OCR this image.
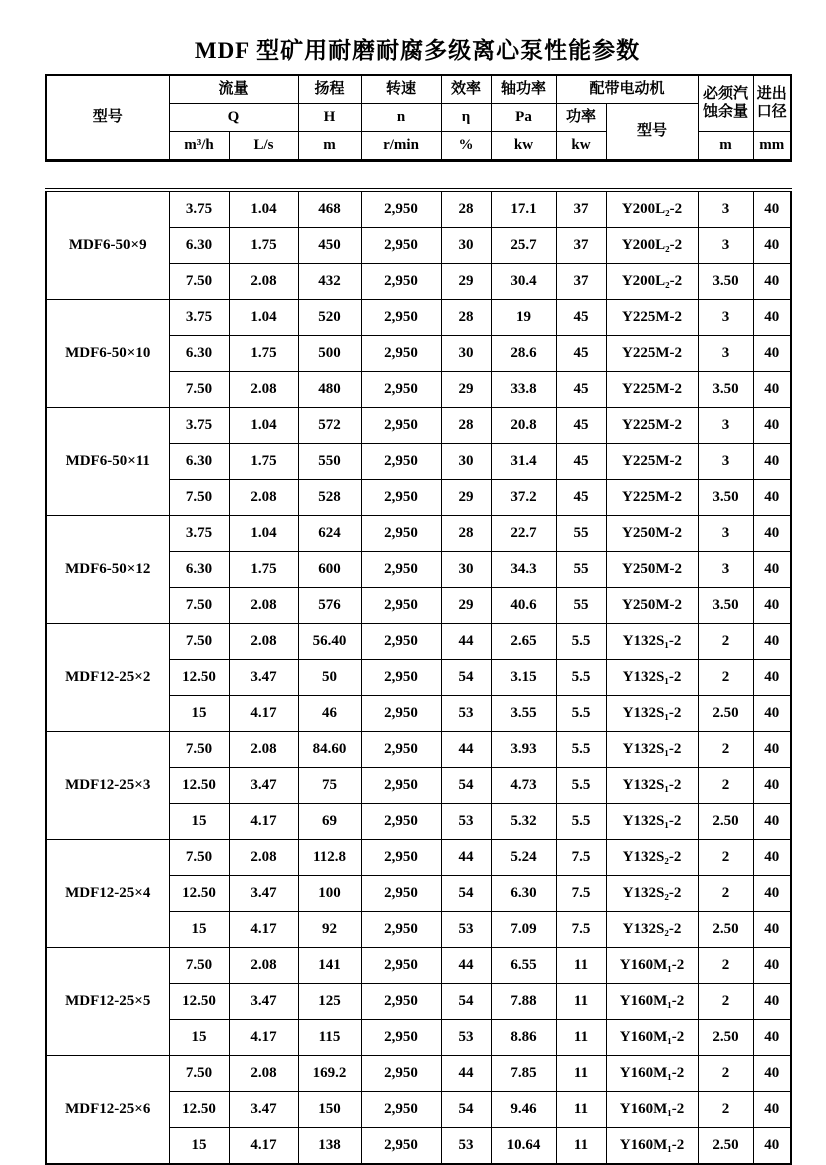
MDF 型矿用耐磨耐腐多级离心泵性能参数
型号	流量		扬程	转速	效率	轴功率	配带电动机		必须汽蚀余量	进出口径
	Q		H	n	η	Pa	功率	型号		
	m³/h	L/s	m	r/min	%	kw	kw		m	mm
MDF6-50×9	3.75	1.04	468	2,950	28	17.1	37	Y200L₂-2	3	40
	6.30	1.75	450	2,950	30	25.7	37	Y200L₂-2	3	40
	7.50	2.08	432	2,950	29	30.4	37	Y200L₂-2	3.50	40
MDF6-50×10	3.75	1.04	520	2,950	28	19	45	Y225M-2	3	40
	6.30	1.75	500	2,950	30	28.6	45	Y225M-2	3	40
	7.50	2.08	480	2,950	29	33.8	45	Y225M-2	3.50	40
MDF6-50×11	3.75	1.04	572	2,950	28	20.8	45	Y225M-2	3	40
	6.30	1.75	550	2,950	30	31.4	45	Y225M-2	3	40
	7.50	2.08	528	2,950	29	37.2	45	Y225M-2	3.50	40
MDF6-50×12	3.75	1.04	624	2,950	28	22.7	55	Y250M-2	3	40
	6.30	1.75	600	2,950	30	34.3	55	Y250M-2	3	40
	7.50	2.08	576	2,950	29	40.6	55	Y250M-2	3.50	40
MDF12-25×2	7.50	2.08	56.40	2,950	44	2.65	5.5	Y132S₁-2	2	40
	12.50	3.47	50	2,950	54	3.15	5.5	Y132S₁-2	2	40
	15	4.17	46	2,950	53	3.55	5.5	Y132S₁-2	2.50	40
MDF12-25×3	7.50	2.08	84.60	2,950	44	3.93	5.5	Y132S₁-2	2	40
	12.50	3.47	75	2,950	54	4.73	5.5	Y132S₁-2	2	40
	15	4.17	69	2,950	53	5.32	5.5	Y132S₁-2	2.50	40
MDF12-25×4	7.50	2.08	112.8	2,950	44	5.24	7.5	Y132S₂-2	2	40
	12.50	3.47	100	2,950	54	6.30	7.5	Y132S₂-2	2	40
	15	4.17	92	2,950	53	7.09	7.5	Y132S₂-2	2.50	40
MDF12-25×5	7.50	2.08	141	2,950	44	6.55	11	Y160M₁-2	2	40
	12.50	3.47	125	2,950	54	7.88	11	Y160M₁-2	2	40
	15	4.17	115	2,950	53	8.86	11	Y160M₁-2	2.50	40
MDF12-25×6	7.50	2.08	169.2	2,950	44	7.85	11	Y160M₁-2	2	40
	12.50	3.47	150	2,950	54	9.46	11	Y160M₁-2	2	40
	15	4.17	138	2,950	53	10.64	11	Y160M₁-2	2.50	40
